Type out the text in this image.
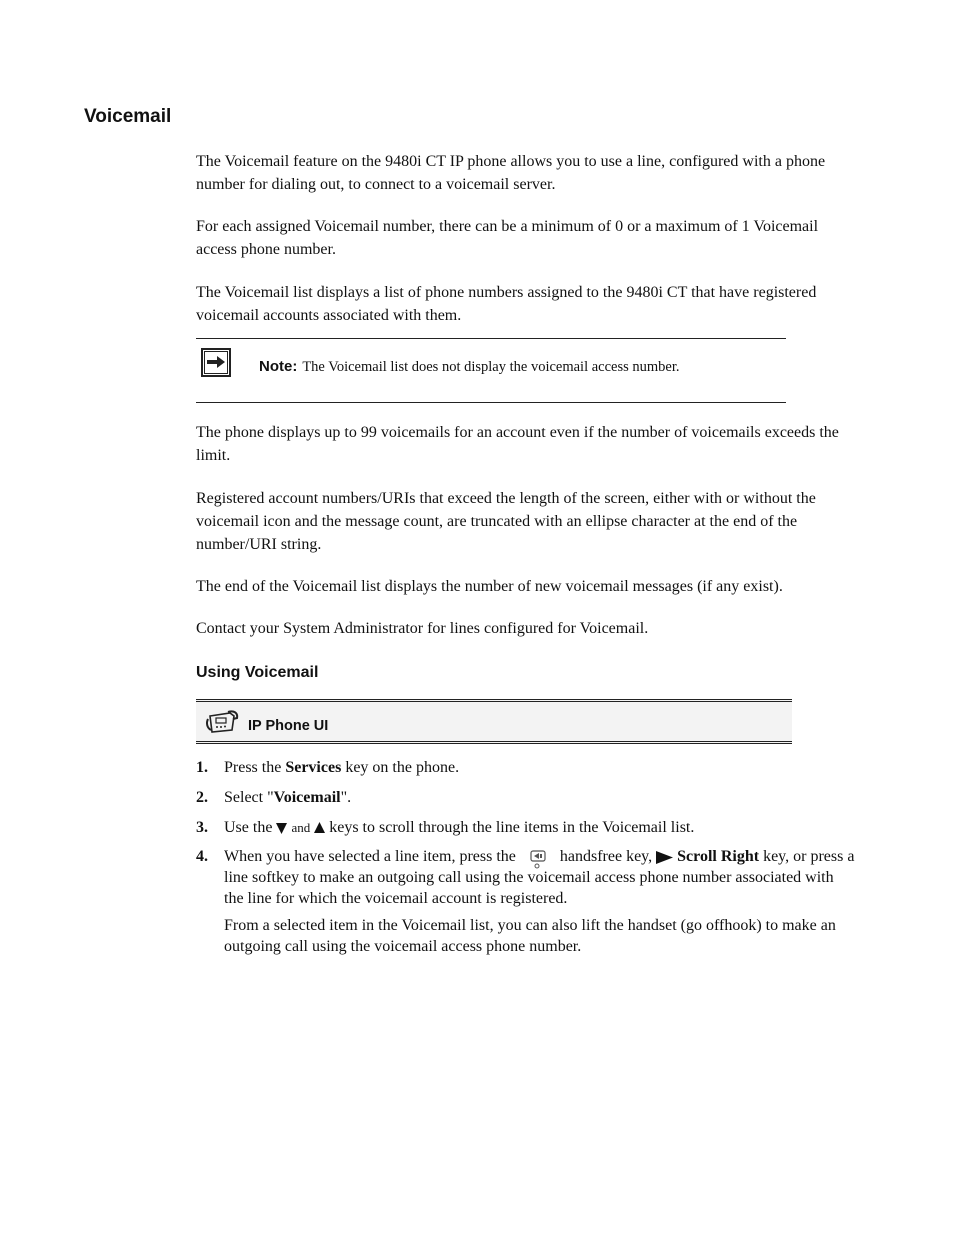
Voicemail

The Voicemail feature on the 9480i CT IP phone allows you to use a line, configured with a phone number for dialing out, to connect to a voicemail server.

For each assigned Voicemail number, there can be a minimum of 0 or a maximum of 1 Voicemail access phone number.

The Voicemail list displays a list of phone numbers assigned to the 9480i CT that have registered voicemail accounts associated with them.

Note: The Voicemail list does not display the voicemail access number.

The phone displays up to 99 voicemails for an account even if the number of voicemails exceeds the limit.

Registered account numbers/URIs that exceed the length of the screen, either with or without the voicemail icon and the message count, are truncated with an ellipse character at the end of the number/URI string.

The end of the Voicemail list displays the number of new voicemail messages (if any exist).

Contact your System Administrator for lines configured for Voicemail.

Using Voicemail
IP Phone UI
1. Press the Services key on the phone.

2. Select "Voicemail".

3. Use the  and  keys to scroll through the line items in the Voicemail list.

4. When you have selected a line item, press the  handsfree key,  Scroll Right key, or press a line softkey to make an outgoing call using the voicemail access phone number associated with the line for which the voicemail account is registered.

From a selected item in the Voicemail list, you can also lift the handset (go offhook) to make an outgoing call using the voicemail access phone number.
